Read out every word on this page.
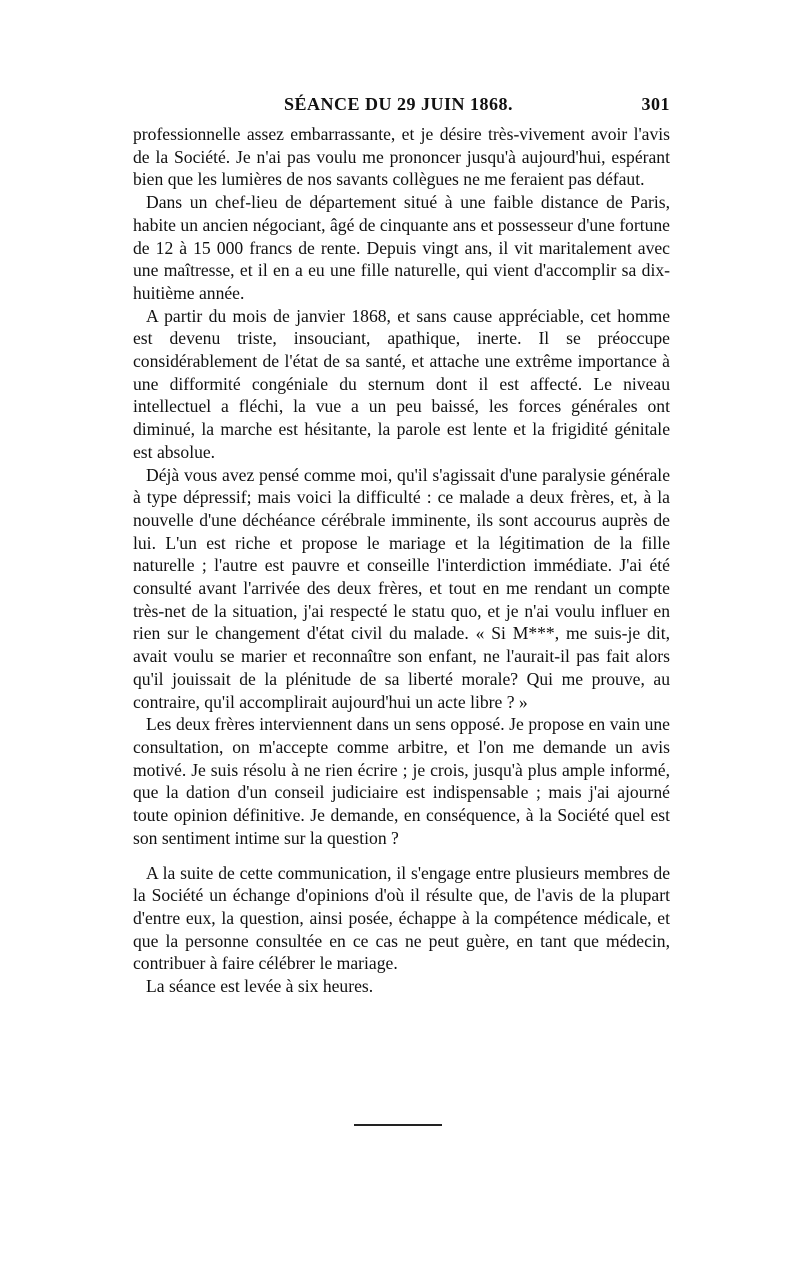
SÉANCE DU 29 JUIN 1868.	301

professionnelle assez embarrassante, et je désire très-vivement avoir l'avis de la Société. Je n'ai pas voulu me prononcer jusqu'à aujourd'hui, espérant bien que les lumières de nos savants collègues ne me feraient pas défaut.

Dans un chef-lieu de département situé à une faible distance de Paris, habite un ancien négociant, âgé de cinquante ans et possesseur d'une fortune de 12 à 15 000 francs de rente. Depuis vingt ans, il vit maritalement avec une maîtresse, et il en a eu une fille naturelle, qui vient d'accomplir sa dix-huitième année.

A partir du mois de janvier 1868, et sans cause appréciable, cet homme est devenu triste, insouciant, apathique, inerte. Il se préoccupe considérablement de l'état de sa santé, et attache une extrême importance à une difformité congéniale du sternum dont il est affecté. Le niveau intellectuel a fléchi, la vue a un peu baissé, les forces générales ont diminué, la marche est hésitante, la parole est lente et la frigidité génitale est absolue.

Déjà vous avez pensé comme moi, qu'il s'agissait d'une paralysie générale à type dépressif; mais voici la difficulté : ce malade a deux frères, et, à la nouvelle d'une déchéance cérébrale imminente, ils sont accourus auprès de lui. L'un est riche et propose le mariage et la légitimation de la fille naturelle ; l'autre est pauvre et conseille l'interdiction immédiate. J'ai été consulté avant l'arrivée des deux frères, et tout en me rendant un compte très-net de la situation, j'ai respecté le statu quo, et je n'ai voulu influer en rien sur le changement d'état civil du malade. « Si M***, me suis-je dit, avait voulu se marier et reconnaître son enfant, ne l'aurait-il pas fait alors qu'il jouissait de la plénitude de sa liberté morale? Qui me prouve, au contraire, qu'il accomplirait aujourd'hui un acte libre ? »

Les deux frères interviennent dans un sens opposé. Je propose en vain une consultation, on m'accepte comme arbitre, et l'on me demande un avis motivé. Je suis résolu à ne rien écrire ; je crois, jusqu'à plus ample informé, que la dation d'un conseil judiciaire est indispensable ; mais j'ai ajourné toute opinion définitive. Je demande, en conséquence, à la Société quel est son sentiment intime sur la question ?

A la suite de cette communication, il s'engage entre plusieurs membres de la Société un échange d'opinions d'où il résulte que, de l'avis de la plupart d'entre eux, la question, ainsi posée, échappe à la compétence médicale, et que la personne consultée en ce cas ne peut guère, en tant que médecin, contribuer à faire célébrer le mariage.

La séance est levée à six heures.
